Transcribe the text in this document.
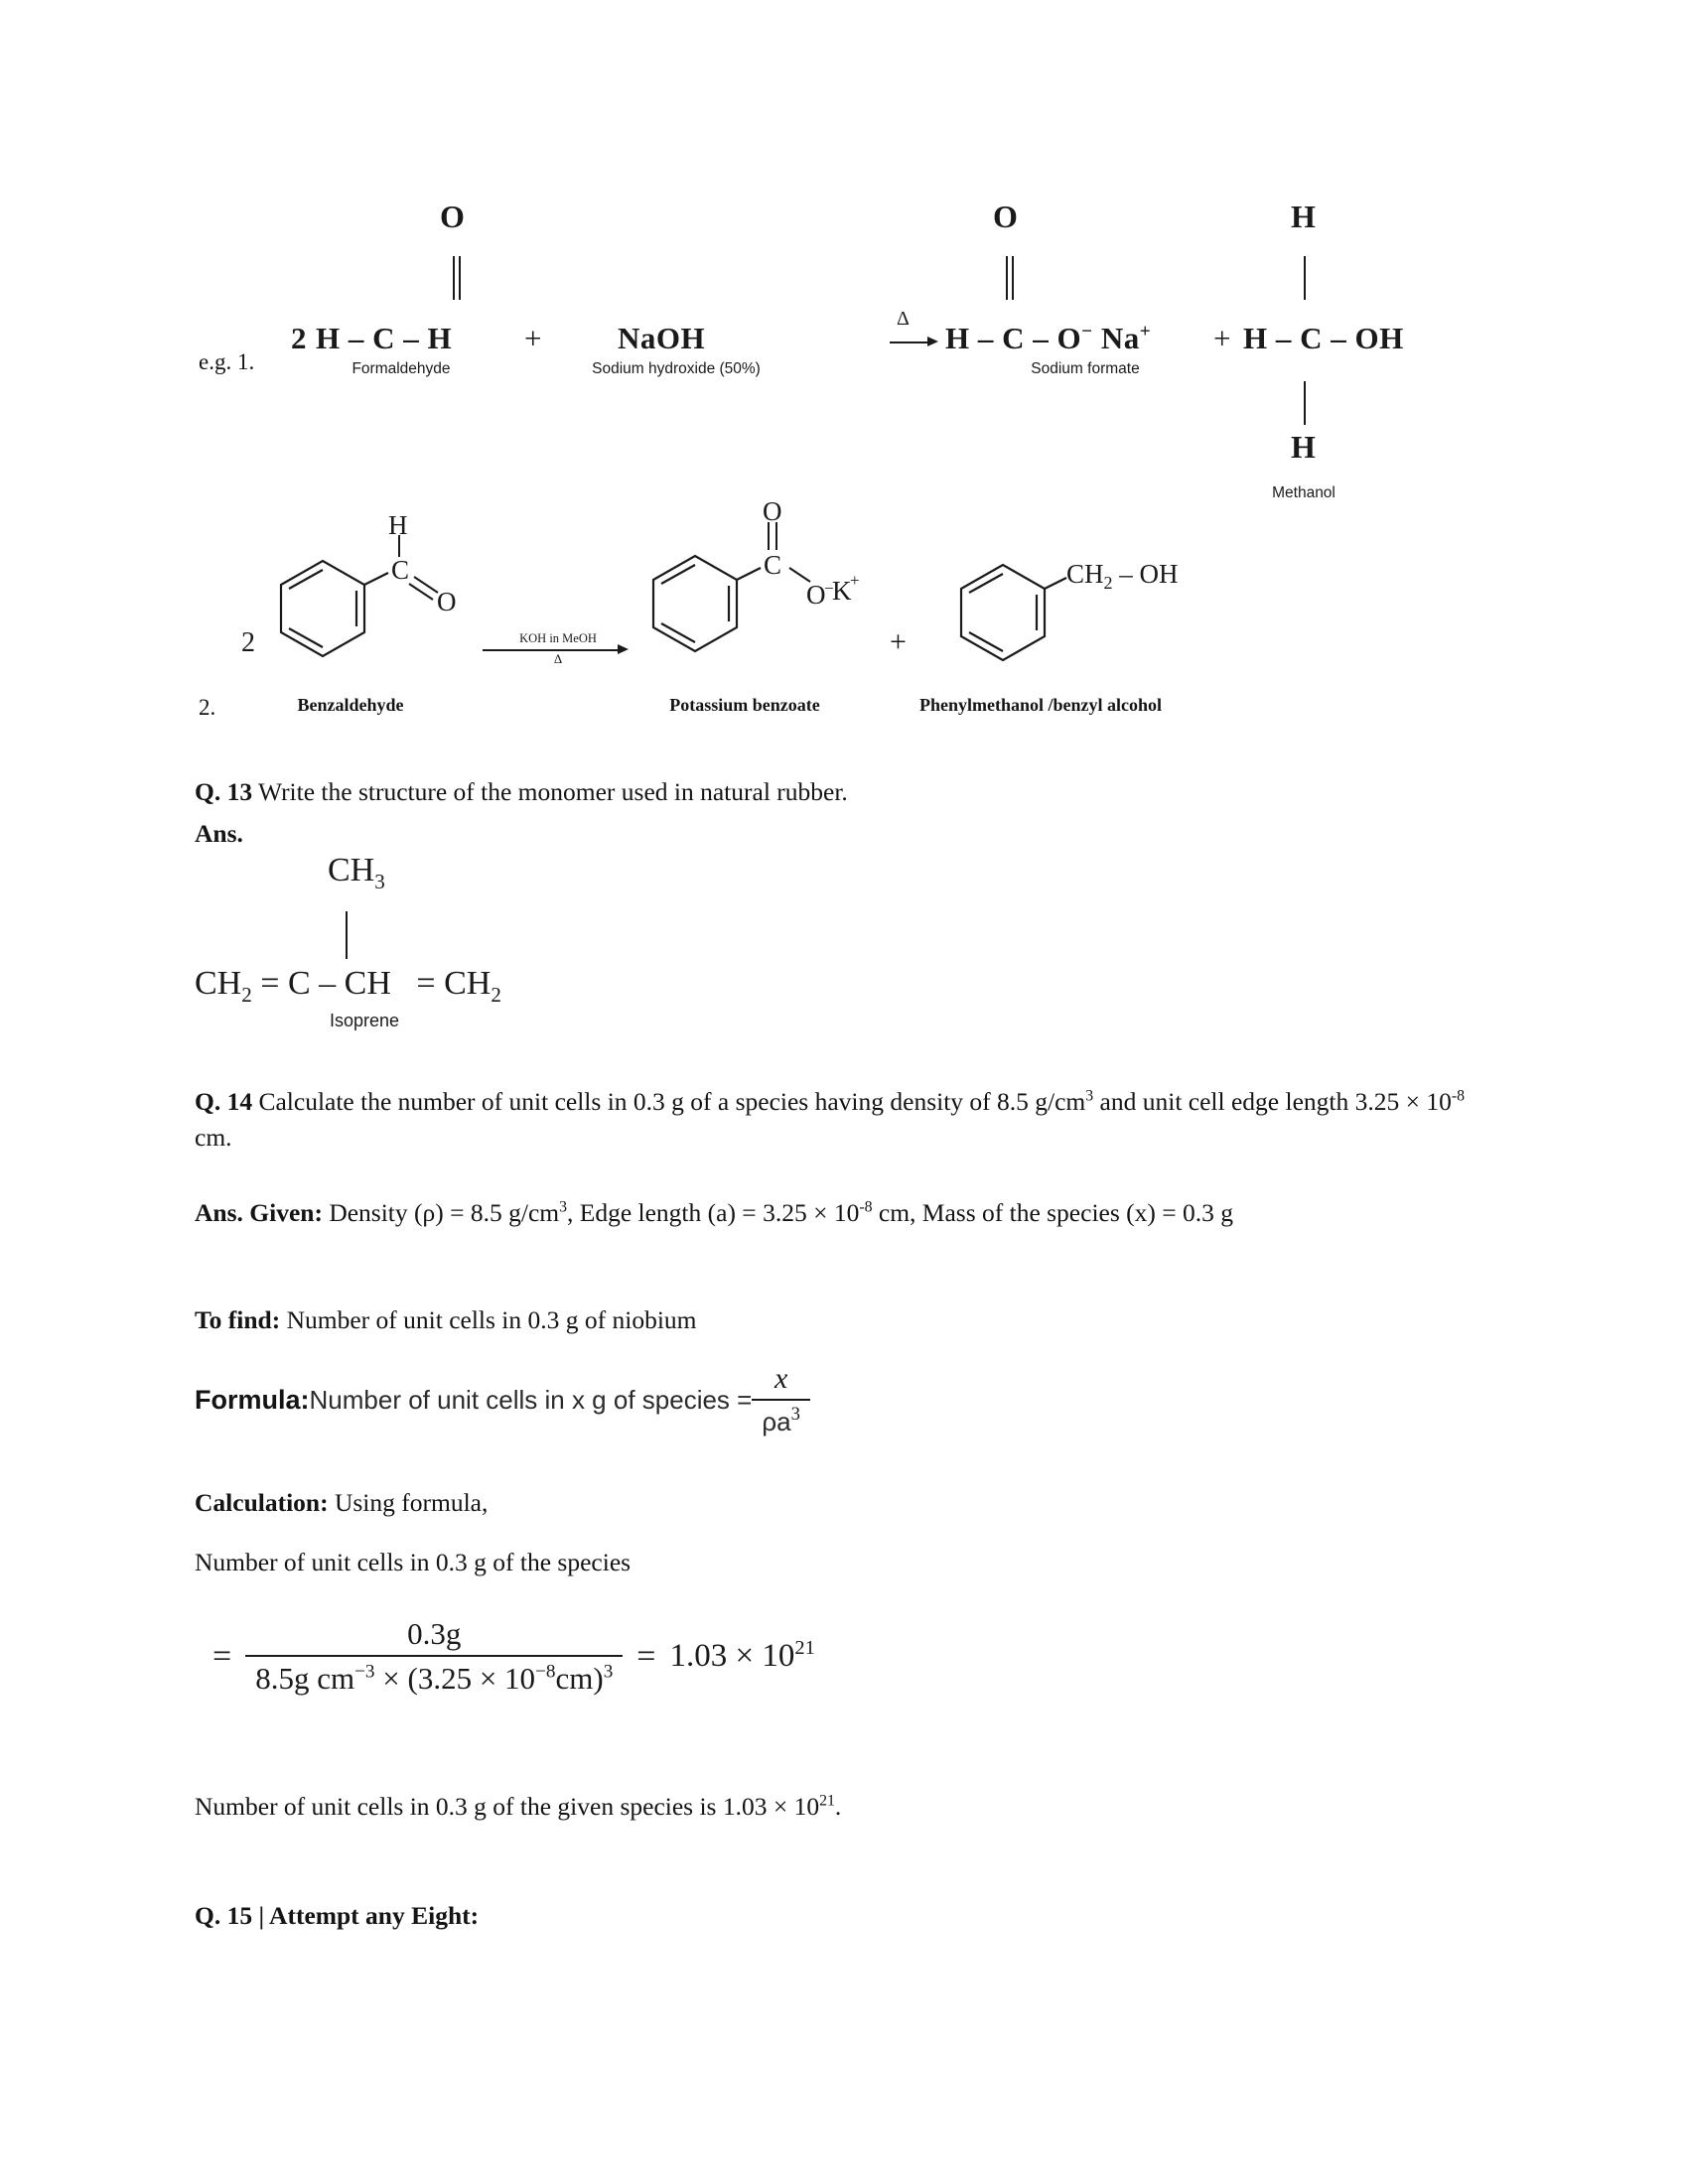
e.g. 1.
O
2 H – C – H
Formaldehyde
+ NaOH
Sodium hydroxide (50%)
Δ
O
H – C – O− Na+
Sodium formate
+
H
H – C – OH
H
Methanol
2.
2
C
O
H
Benzaldehyde
KOH in MeOH
Δ
O
C
O
−
K
+
Potassium benzoate
+
$CH_2$ – OH
Phenylmethanol /benzyl alcohol
Q. 13 Write the structure of the monomer used in natural rubber.
Ans.
$CH_3$
$CH_2 = C$ – CH = $CH_2$
Isoprene
Q. 14 Calculate the number of unit cells in 0.3 g of a species having density of 8.5 $g/cm^3$ and unit cell edge length $3.25 \times 10^{-8}$ cm.
Ans. Given: Density (ρ) = 8.5 $g/cm^3$, Edge length $(a) = 3.25 \times 10^{-8}$ cm, Mass of the species (x) = 0.3 g
To find: Number of unit cells in 0.3 g of niobium
Formula: Number of unit cells in x g of species = $\frac{x}{\rho a^3}$
Calculation: Using formula,
Number of unit cells in 0.3 g of the species
= $\frac{0.3g}{8.5g cm^{-3} \times (3.25 \times 10^{-8}cm)^3} = 1.03 \times 10^{21}$
Number of unit cells in 0.3 g of the given species is $1.03 \times 10^{21}$.
Q. 15 | Attempt any Eight:
